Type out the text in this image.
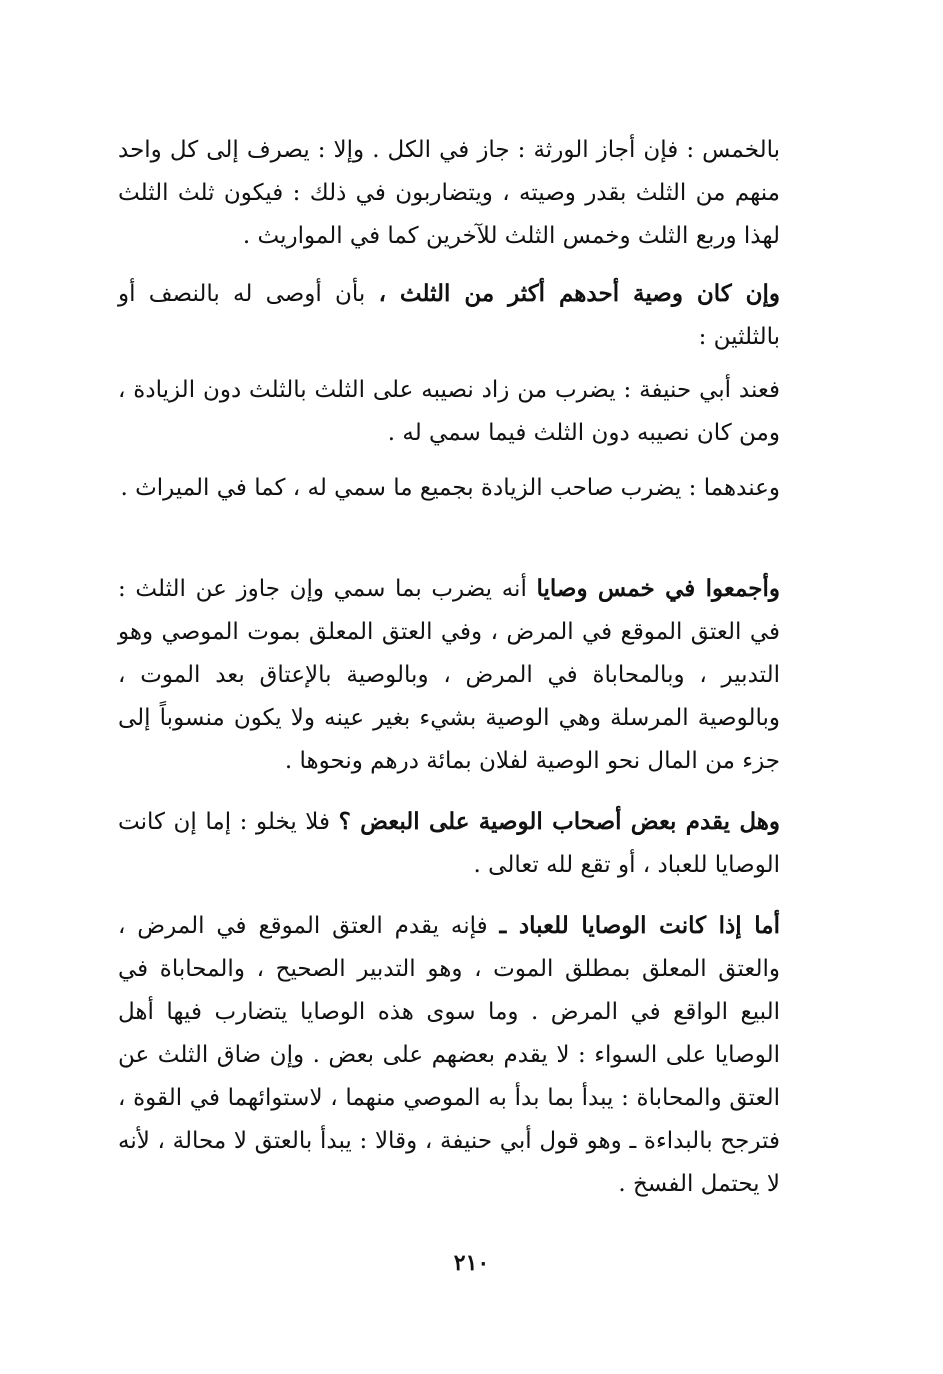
بالخمس : فإن أجاز الورثة : جاز في الكل . وإلا : يصرف إلى كل واحد منهم من الثلث بقدر وصيته ، ويتضاربون في ذلك : فيكون ثلث الثلث لهذا وربع الثلث وخمس الثلث للآخرين كما في المواريث .

وإن كان وصية أحدهم أكثر من الثلث ، بأن أوصى له بالنصف أو بالثلثين :

فعند أبي حنيفة : يضرب من زاد نصيبه على الثلث بالثلث دون الزيادة ، ومن كان نصيبه دون الثلث فيما سمي له .

وعندهما : يضرب صاحب الزيادة بجميع ما سمي له ، كما في الميراث .

وأجمعوا في خمس وصايا أنه يضرب بما سمي وإن جاوز عن الثلث : في العتق الموقع في المرض ، وفي العتق المعلق بموت الموصي وهو التدبير ، وبالمحاباة في المرض ، وبالوصية بالإعتاق بعد الموت ، وبالوصية المرسلة وهي الوصية بشيء بغير عينه ولا يكون منسوباً إلى جزء من المال نحو الوصية لفلان بمائة درهم ونحوها .

وهل يقدم بعض أصحاب الوصية على البعض ؟ فلا يخلو : إما إن كانت الوصايا للعباد ، أو تقع لله تعالى .

أما إذا كانت الوصايا للعباد ـ فإنه يقدم العتق الموقع في المرض ، والعتق المعلق بمطلق الموت ، وهو التدبير الصحيح ، والمحاباة في البيع الواقع في المرض . وما سوى هذه الوصايا يتضارب فيها أهل الوصايا على السواء : لا يقدم بعضهم على بعض . وإن ضاق الثلث عن العتق والمحاباة : يبدأ بما بدأ به الموصي منهما ، لاستوائهما في القوة ، فترجح بالبداءة ـ وهو قول أبي حنيفة ، وقالا : يبدأ بالعتق لا محالة ، لأنه لا يحتمل الفسخ .

٢١٠
